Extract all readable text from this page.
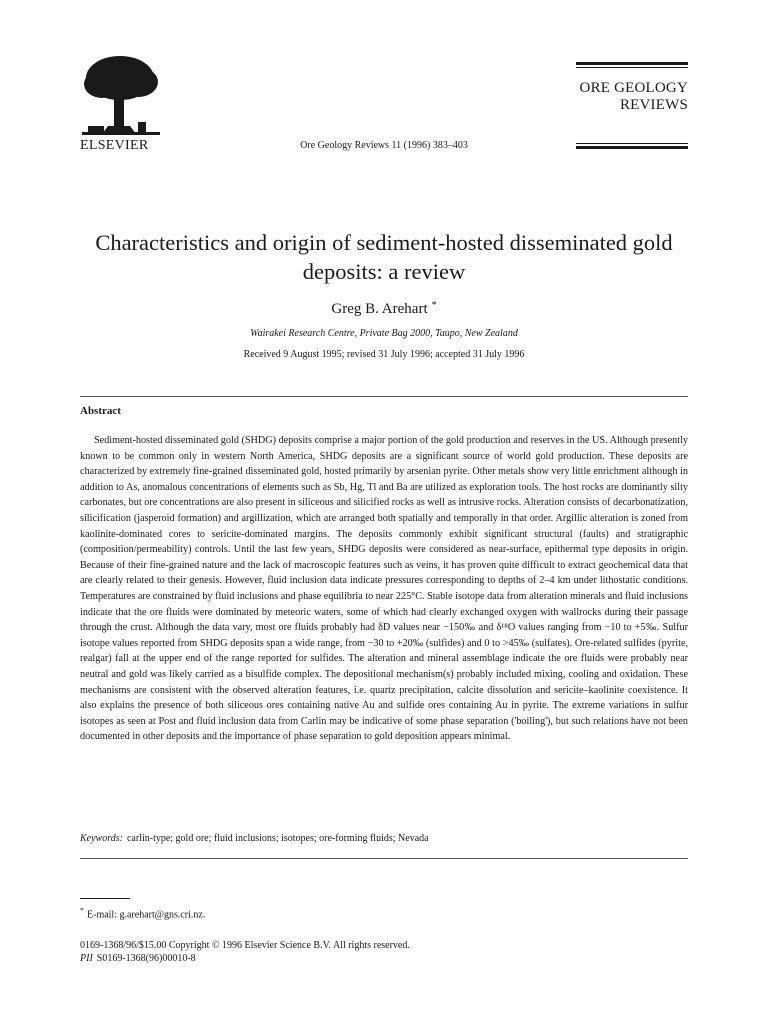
ELSEVIER	Ore Geology Reviews 11 (1996) 383–403
ORE GEOLOGY
REVIEWS
Characteristics and origin of sediment-hosted disseminated gold deposits: a review
Greg B. Arehart *
Wairakei Research Centre, Private Bag 2000, Taupo, New Zealand
Received 9 August 1995; revised 31 July 1996; accepted 31 July 1996
Abstract

Sediment-hosted disseminated gold (SHDG) deposits comprise a major portion of the gold production and reserves in the US. Although presently known to be common only in western North America, SHDG deposits are a significant source of world gold production. These deposits are characterized by extremely fine-grained disseminated gold, hosted primarily by arsenian pyrite. Other metals show very little enrichment although in addition to As, anomalous concentrations of elements such as Sb, Hg, Tl and Ba are utilized as exploration tools. The host rocks are dominantly silty carbonates, but ore concentrations are also present in siliceous and silicified rocks as well as intrusive rocks. Alteration consists of decarbonatization, silicification (jasperoid formation) and argillization, which are arranged both spatially and temporally in that order. Argillic alteration is zoned from kaolinite-dominated cores to sericite-dominated margins. The deposits commonly exhibit significant structural (faults) and stratigraphic (composition/permeability) controls. Until the last few years, SHDG deposits were considered as near-surface, epithermal type deposits in origin. Because of their fine-grained nature and the lack of macroscopic features such as veins, it has proven quite difficult to extract geochemical data that are clearly related to their genesis. However, fluid inclusion data indicate pressures corresponding to depths of 2–4 km under lithostatic conditions. Temperatures are constrained by fluid inclusions and phase equilibria to near 225°C. Stable isotope data from alteration minerals and fluid inclusions indicate that the ore fluids were dominated by meteoric waters, some of which had clearly exchanged oxygen with wallrocks during their passage through the crust. Although the data vary, most ore fluids probably had δD values near −150‰ and δ¹⁸O values ranging from −10 to +5‰. Sulfur isotope values reported from SHDG deposits span a wide range, from −30 to +20‰ (sulfides) and 0 to >45‰ (sulfates). Ore-related sulfides (pyrite, realgar) fall at the upper end of the range reported for sulfides. The alteration and mineral assemblage indicate the ore fluids were probably near neutral and gold was likely carried as a bisulfide complex. The depositional mechanism(s) probably included mixing, cooling and oxidation. These mechanisms are consistent with the observed alteration features, i.e. quartz precipitation, calcite dissolution and sericite–kaolinite coexistence. It also explains the presence of both siliceous ores containing native Au and sulfide ores containing Au in pyrite. The extreme variations in sulfur isotopes as seen at Post and fluid inclusion data from Carlin may be indicative of some phase separation ('boiling'), but such relations have not been documented in other deposits and the importance of phase separation to gold deposition appears minimal.

Keywords: carlin-type; gold ore; fluid inclusions; isotopes; ore-forming fluids; Nevada
* E-mail: g.arehart@gns.cri.nz.
0169-1368/96/$15.00 Copyright © 1996 Elsevier Science B.V. All rights reserved.
PII S0169-1368(96)00010-8
